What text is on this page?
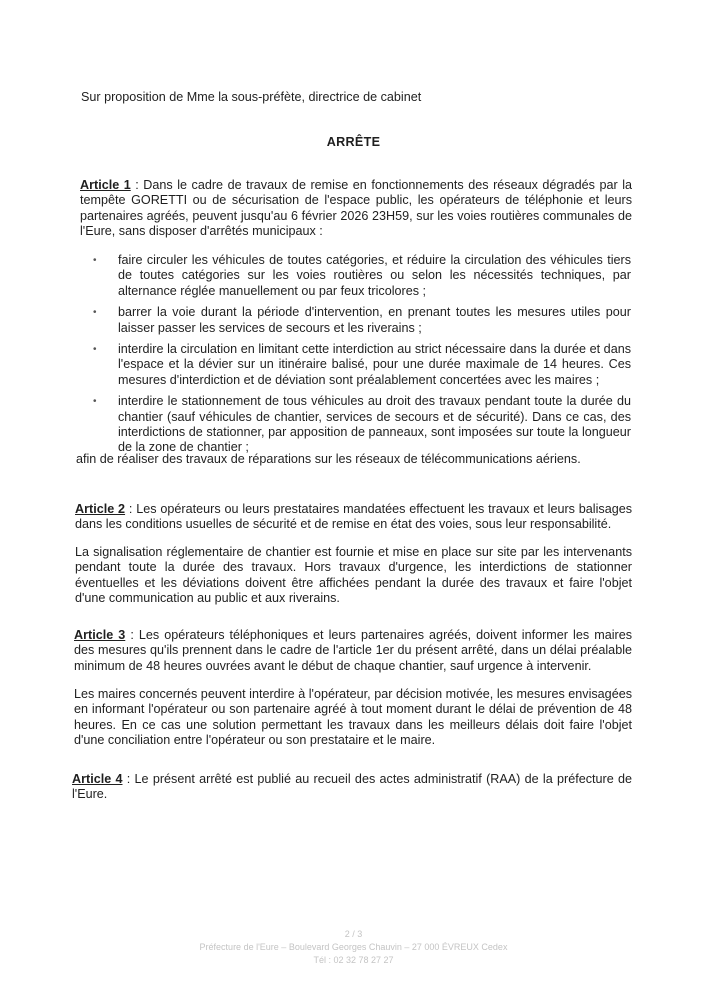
Sur proposition de Mme la sous-préfète, directrice de cabinet
ARRÊTE

Article 1 : Dans le cadre de travaux de remise en fonctionnements des réseaux dégradés par la tempête GORETTI ou de sécurisation de l'espace public, les opérateurs de téléphonie et leurs partenaires agréés, peuvent jusqu'au 6 février 2026 23H59, sur les voies routières communales de l'Eure, sans disposer d'arrêtés municipaux :

• faire circuler les véhicules de toutes catégories, et réduire la circulation des véhicules tiers de toutes catégories sur les voies routières ou selon les nécessités techniques, par alternance réglée manuellement ou par feux tricolores ;
• barrer la voie durant la période d'intervention, en prenant toutes les mesures utiles pour laisser passer les services de secours et les riverains ;
• interdire la circulation en limitant cette interdiction au strict nécessaire dans la durée et dans l'espace et la dévier sur un itinéraire balisé, pour une durée maximale de 14 heures. Ces mesures d'interdiction et de déviation sont préalablement concertées avec les maires ;
• interdire le stationnement de tous véhicules au droit des travaux pendant toute la durée du chantier (sauf véhicules de chantier, services de secours et de sécurité). Dans ce cas, des interdictions de stationner, par apposition de panneaux, sont imposées sur toute la longueur de la zone de chantier ;
afin de réaliser des travaux de réparations sur les réseaux de télécommunications aériens.

Article 2 : Les opérateurs ou leurs prestataires mandatées effectuent les travaux et leurs balisages dans les conditions usuelles de sécurité et de remise en état des voies, sous leur responsabilité.

La signalisation réglementaire de chantier est fournie et mise en place sur site par les intervenants pendant toute la durée des travaux. Hors travaux d'urgence, les interdictions de stationner éventuelles et les déviations doivent être affichées pendant la durée des travaux et faire l'objet d'une communication au public et aux riverains.

Article 3 : Les opérateurs téléphoniques et leurs partenaires agréés, doivent informer les maires des mesures qu'ils prennent dans le cadre de l'article 1er du présent arrêté, dans un délai préalable minimum de 48 heures ouvrées avant le début de chaque chantier, sauf urgence à intervenir.

Les maires concernés peuvent interdire à l'opérateur, par décision motivée, les mesures envisagées en informant l'opérateur ou son partenaire agréé à tout moment durant le délai de prévention de 48 heures. En ce cas une solution permettant les travaux dans les meilleurs délais doit faire l'objet d'une conciliation entre l'opérateur ou son prestataire et le maire.

Article 4 : Le présent arrêté est publié au recueil des actes administratif (RAA) de la préfecture de l'Eure.

2 / 3
Préfecture de l'Eure – Boulevard Georges Chauvin – 27 000 ÉVREUX Cedex
Tél : 02 32 78 27 27
